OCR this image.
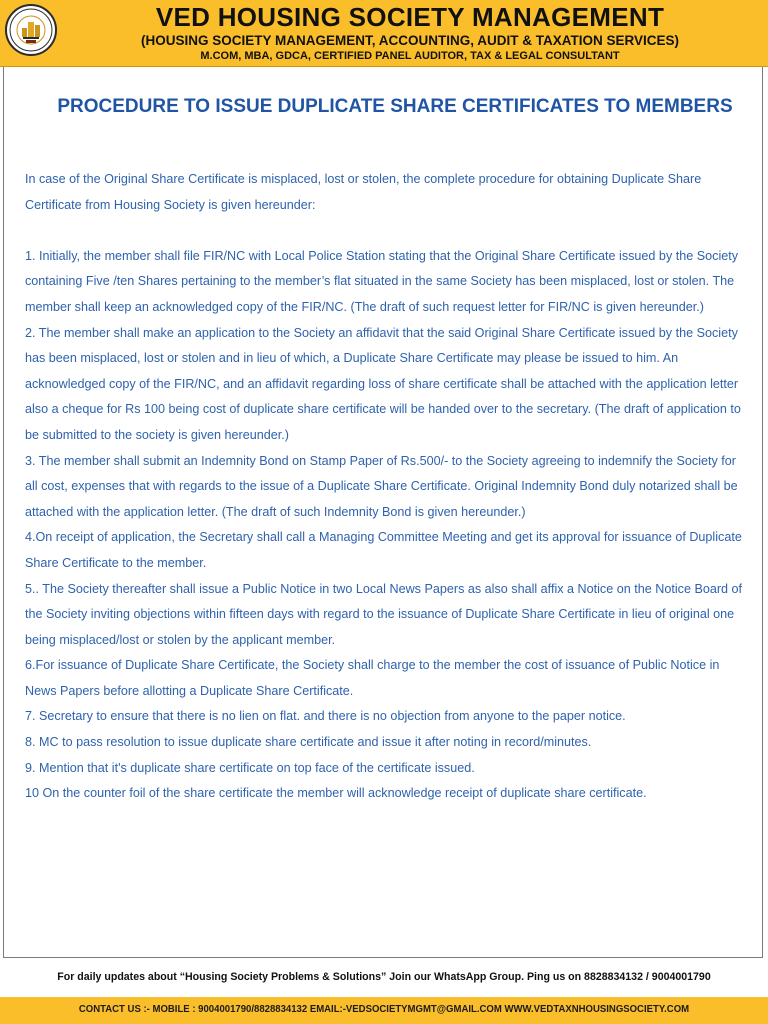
VED HOUSING SOCIETY MANAGEMENT
(HOUSING SOCIETY MANAGEMENT, ACCOUNTING, AUDIT & TAXATION SERVICES)
M.COM, MBA, GDCA, CERTIFIED PANEL AUDITOR, TAX & LEGAL CONSULTANT
PROCEDURE TO ISSUE DUPLICATE SHARE CERTIFICATES TO MEMBERS

In case of the Original Share Certificate is misplaced, lost or stolen, the complete procedure for obtaining Duplicate Share Certificate from Housing Society is given hereunder:

1. Initially, the member shall file FIR/NC with Local Police Station stating that the Original Share Certificate issued by the Society containing Five /ten Shares pertaining to the member’s flat situated in the same Society has been misplaced, lost or stolen. The member shall keep an acknowledged copy of the FIR/NC. (The draft of such request letter for FIR/NC is given hereunder.)

2. The member shall make an application to the Society an affidavit that the said Original Share Certificate issued by the Society has been misplaced, lost or stolen and in lieu of which, a Duplicate Share Certificate may please be issued to him. An acknowledged copy of the FIR/NC, and an affidavit regarding loss of share certificate shall be attached with the application letter also a cheque for Rs 100 being cost of duplicate share certificate will be handed over to the secretary. (The draft of application to be submitted to the society is given hereunder.)

3. The member shall submit an Indemnity Bond on Stamp Paper of Rs.500/- to the Society agreeing to indemnify the Society for all cost, expenses that with regards to the issue of a Duplicate Share Certificate. Original Indemnity Bond duly notarized shall be attached with the application letter. (The draft of such Indemnity Bond is given hereunder.)

4.On receipt of application, the Secretary shall call a Managing Committee Meeting and get its approval for issuance of Duplicate Share Certificate to the member.

5.. The Society thereafter shall issue a Public Notice in two Local News Papers as also shall affix a Notice on the Notice Board of the Society inviting objections within fifteen days with regard to the issuance of Duplicate Share Certificate in lieu of original one being misplaced/lost or stolen by the applicant member.

6.For issuance of Duplicate Share Certificate, the Society shall charge to the member the cost of issuance of Public Notice in News Papers before allotting a Duplicate Share Certificate.

7. Secretary to ensure that there is no lien on flat. and there is no objection from anyone to the paper notice.

8. MC to pass resolution to issue duplicate share certificate and issue it after noting in record/minutes.

9. Mention that it's duplicate share certificate on top face of the certificate issued.

10 On the counter foil of the share certificate the member will acknowledge receipt of duplicate share certificate.

For daily updates about “Housing Society Problems & Solutions” Join our WhatsApp Group. Ping us on 8828834132 / 9004001790
CONTACT US :- MOBILE : 9004001790/8828834132 EMAIL:-VEDSOCIETYMGMT@GMAIL.COM WWW.VEDTAXNHOUSINGSOCIETY.COM
